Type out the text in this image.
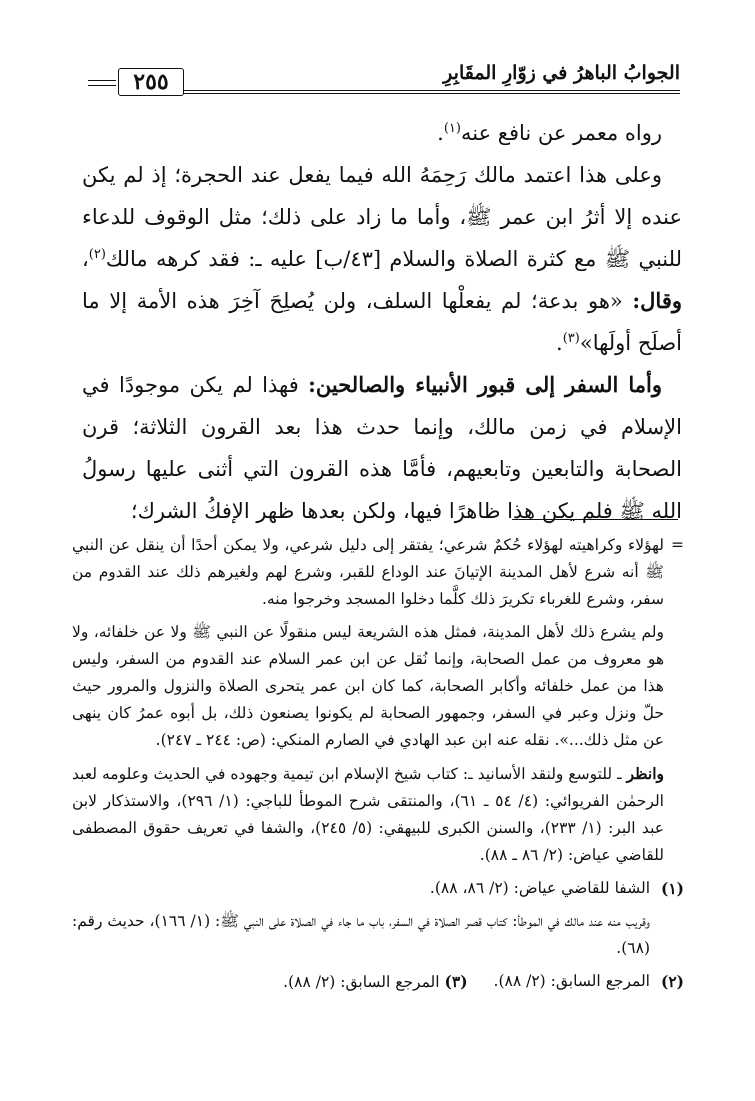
الجوابُ الباهرُ في زوّارِ المقَابِرِ
٢٥٥

رواه معمر عن نافع عنه$^{(١)}$.

وعلى هذا اعتمد مالك رَحِمَهُ الله فيما يفعل عند الحجرة؛ إذ لم يكن عنده إلا أثرُ ابن عمر ﷺ، وأما ما زاد على ذلك؛ مثل الوقوف للدعاء للنبي ﷺ مع كثرة الصلاة والسلام [٤٣/ب] عليه ـ: فقد كرهه مالك$^{(٢)}$، وقال: «هو بدعة؛ لم يفعلْها السلف، ولن يُصلِحَ آخِرَ هذه الأمة إلا ما أصلَح أولَها»$^{(٣)}$.

وأما السفر إلى قبور الأنبياء والصالحين: فهذا لم يكن موجودًا في الإسلام في زمن مالك، وإنما حدث هذا بعد القرون الثلاثة؛ قرن الصحابة والتابعين وتابعيهم، فأمَّا هذه القرون التي أثنى عليها رسولُ الله ﷺ فلم يكن هذا ظاهرًا فيها، ولكن بعدها ظهر الإفكُ الشرك؛

=
لهؤلاء وكراهيته لهؤلاء حُكمٌ شرعي؛ يفتقر إلى دليل شرعي، ولا يمكن أحدًا أن ينقل عن النبي ﷺ أنه شرع لأهل المدينة الإتيانَ عند الوداع للقبر، وشرع لهم ولغيرهم ذلك عند القدوم من سفر، وشرع للغرباء تكريرَ ذلك كلَّما دخلوا المسجد وخرجوا منه.

ولم يشرع ذلك لأهل المدينة، فمثل هذه الشريعة ليس منقولًا عن النبي ﷺ ولا عن خلفائه، ولا هو معروف من عمل الصحابة، وإنما نُقل عن ابن عمر السلام عند القدوم من السفر، وليس هذا من عمل خلفائه وأكابر الصحابة، كما كان ابن عمر يتحرى الصلاة والنزول والمرور حيث حلّ ونزل وعبر في السفر، وجمهور الصحابة لم يكونوا يصنعون ذلك، بل أبوه عمرُ كان ينهى عن مثل ذلك...». نقله عنه ابن عبد الهادي في الصارم المنكي: (ص: ٢٤٤ ـ ٢٤٧).

وانظر ـ للتوسع ولنقد الأسانيد ـ: كتاب شيخ الإسلام ابن تيمية وجهوده في الحديث وعلومه لعبد الرحمٰن الفريوائي: (٤/ ٥٤ ـ ٦١)، والمنتقى شرح الموطأ للباجي: (١/ ٢٩٦)، والاستذكار لابن عبد البر: (١/ ٢٣٣)، والسنن الكبرى للبيهقي: (٥/ ٢٤٥)، والشفا في تعريف حقوق المصطفى للقاضي عياض: (٢/ ٨٦ ـ ٨٨).

(١)
الشفا للقاضي عياض: (٢/ ٨٦، ٨٨).

وقريب منه عند مالك في الموطأ: كتاب قصر الصلاة في السفر، باب ما جاء في الصلاة على النبي ﷺ: (١/ ١٦٦)، حديث رقم: (٦٨).

(٢)
المرجع السابق: (٢/ ٨٨).
(٣) المرجع السابق: (٢/ ٨٨).
